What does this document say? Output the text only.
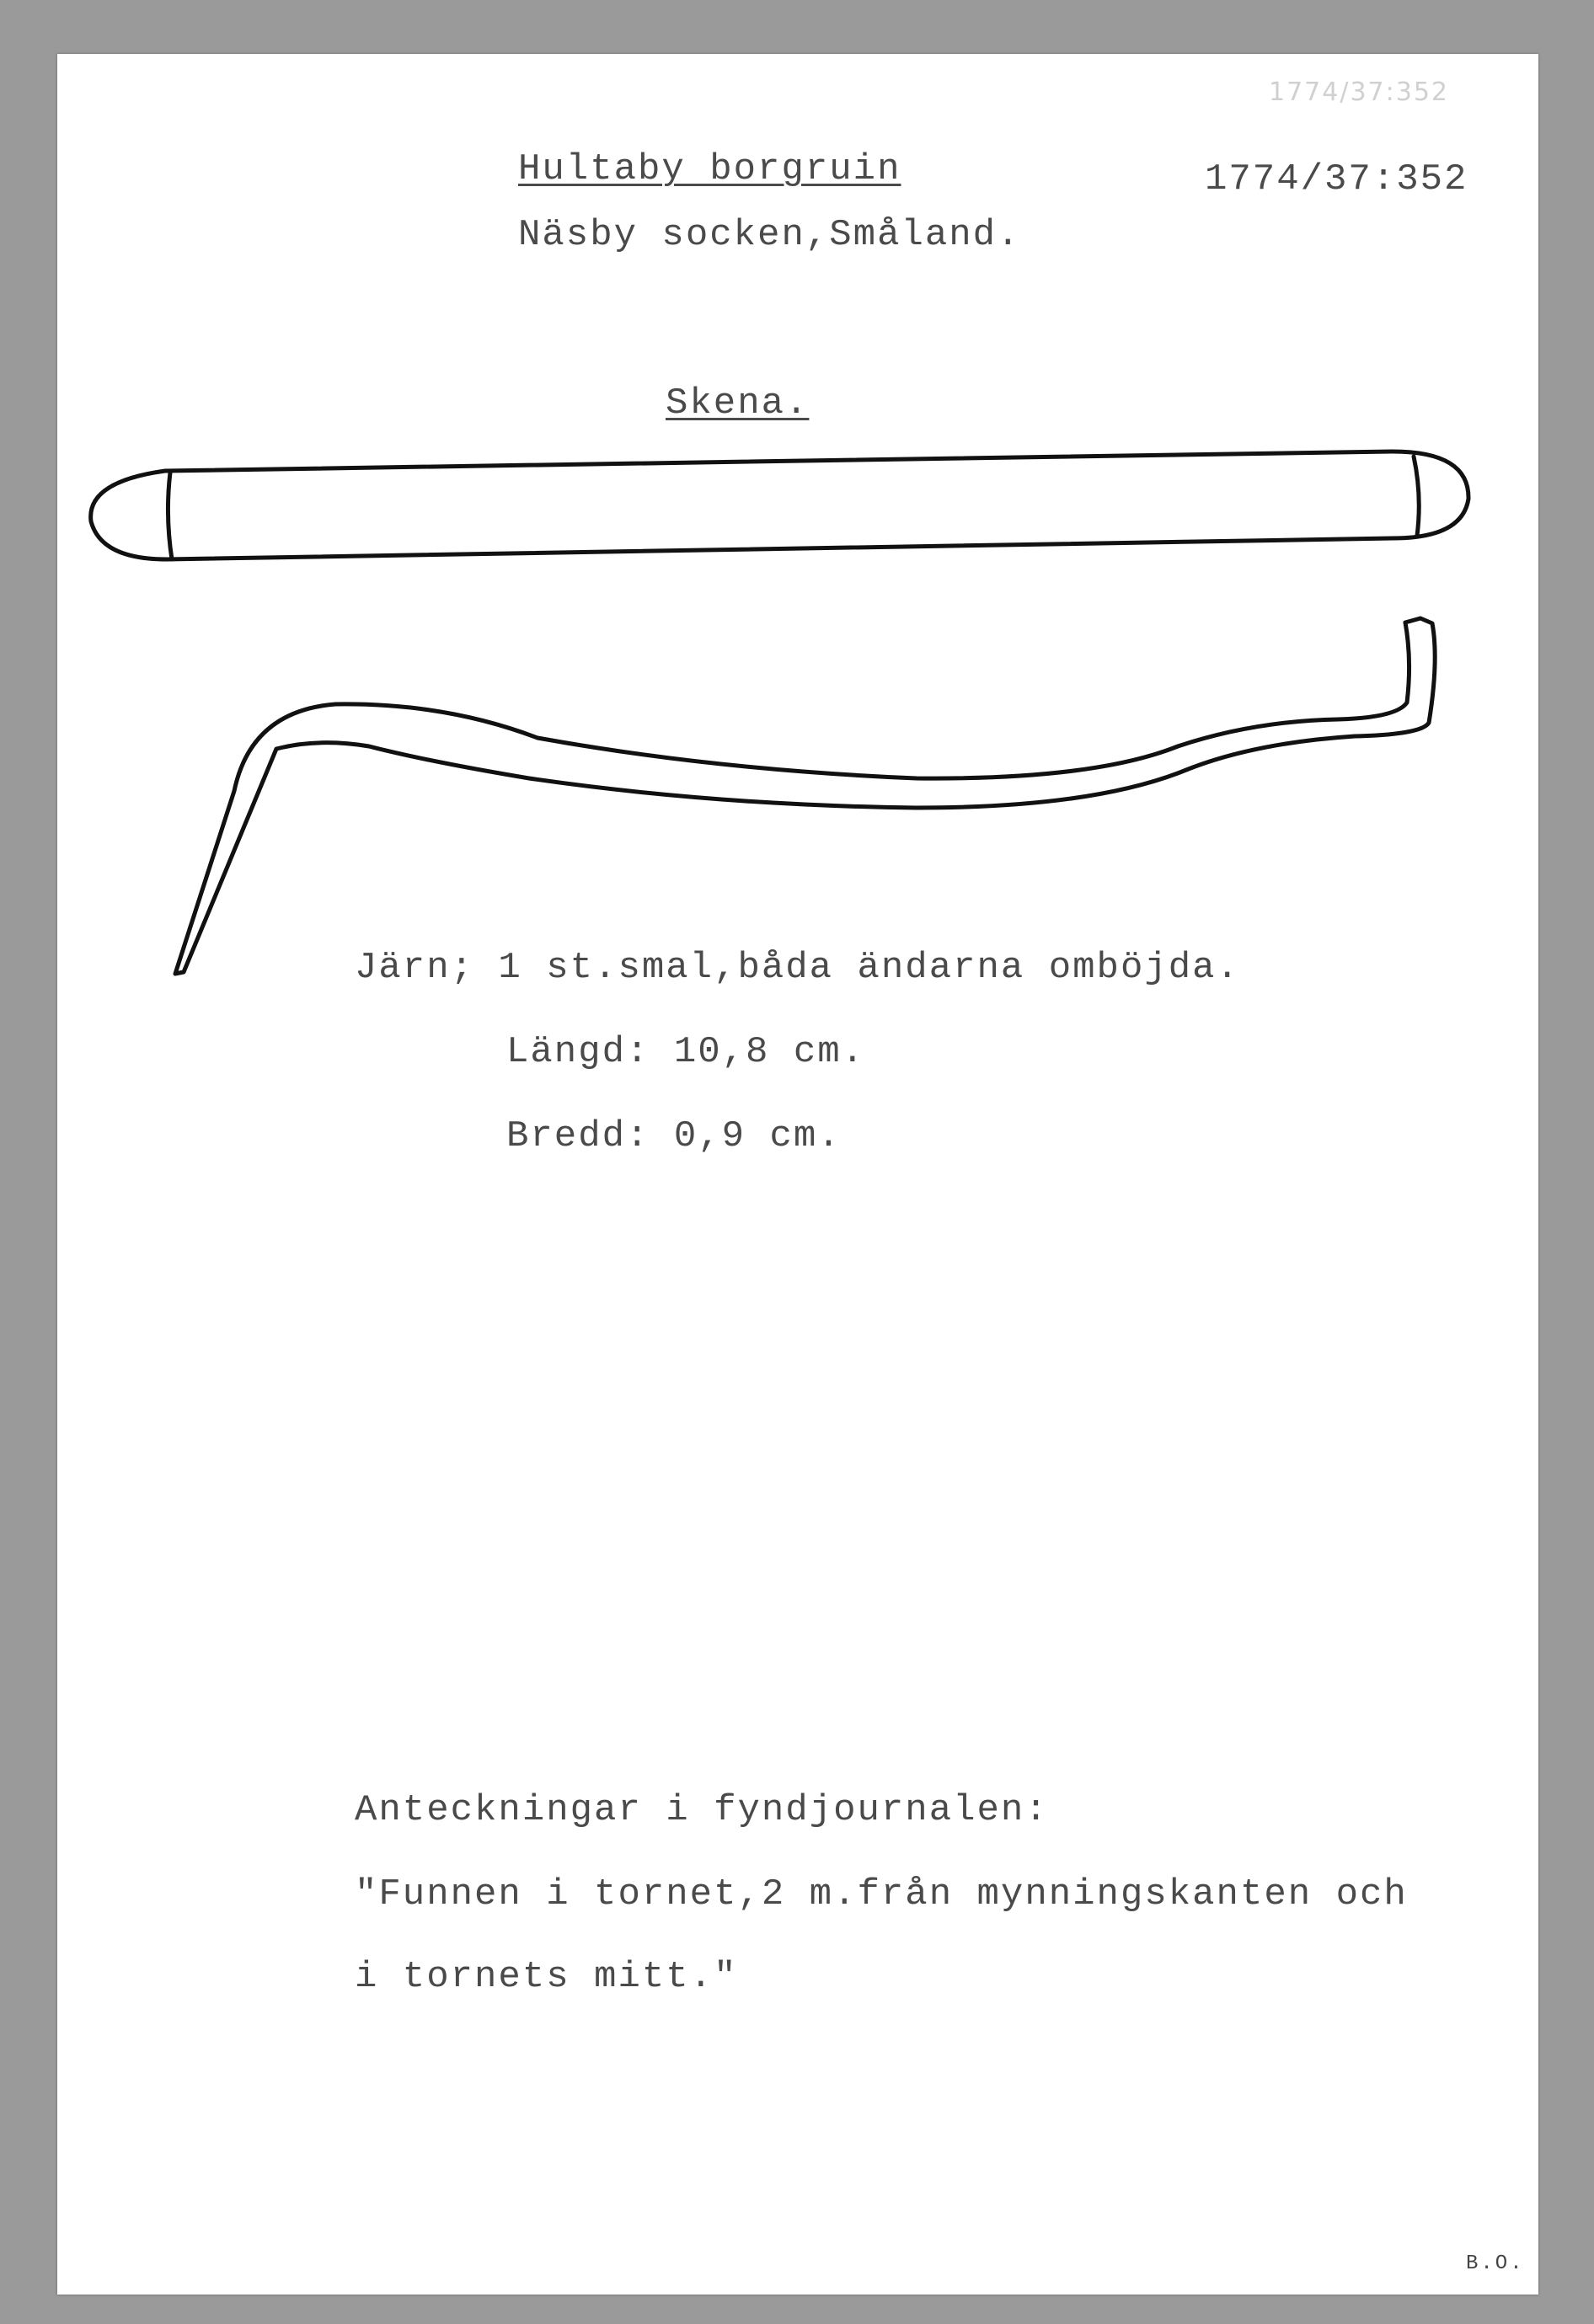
1774/37:352
Hultaby borgruin	1774/37:352
Näsby socken,Småland.
Skena.
Järn; 1 st.smal,båda ändarna omböjda.
Längd: 10,8 cm.
Bredd: 0,9 cm.
Anteckningar i fyndjournalen:
"Funnen i tornet,2 m.från mynningskanten och
i tornets mitt."
B.O.
